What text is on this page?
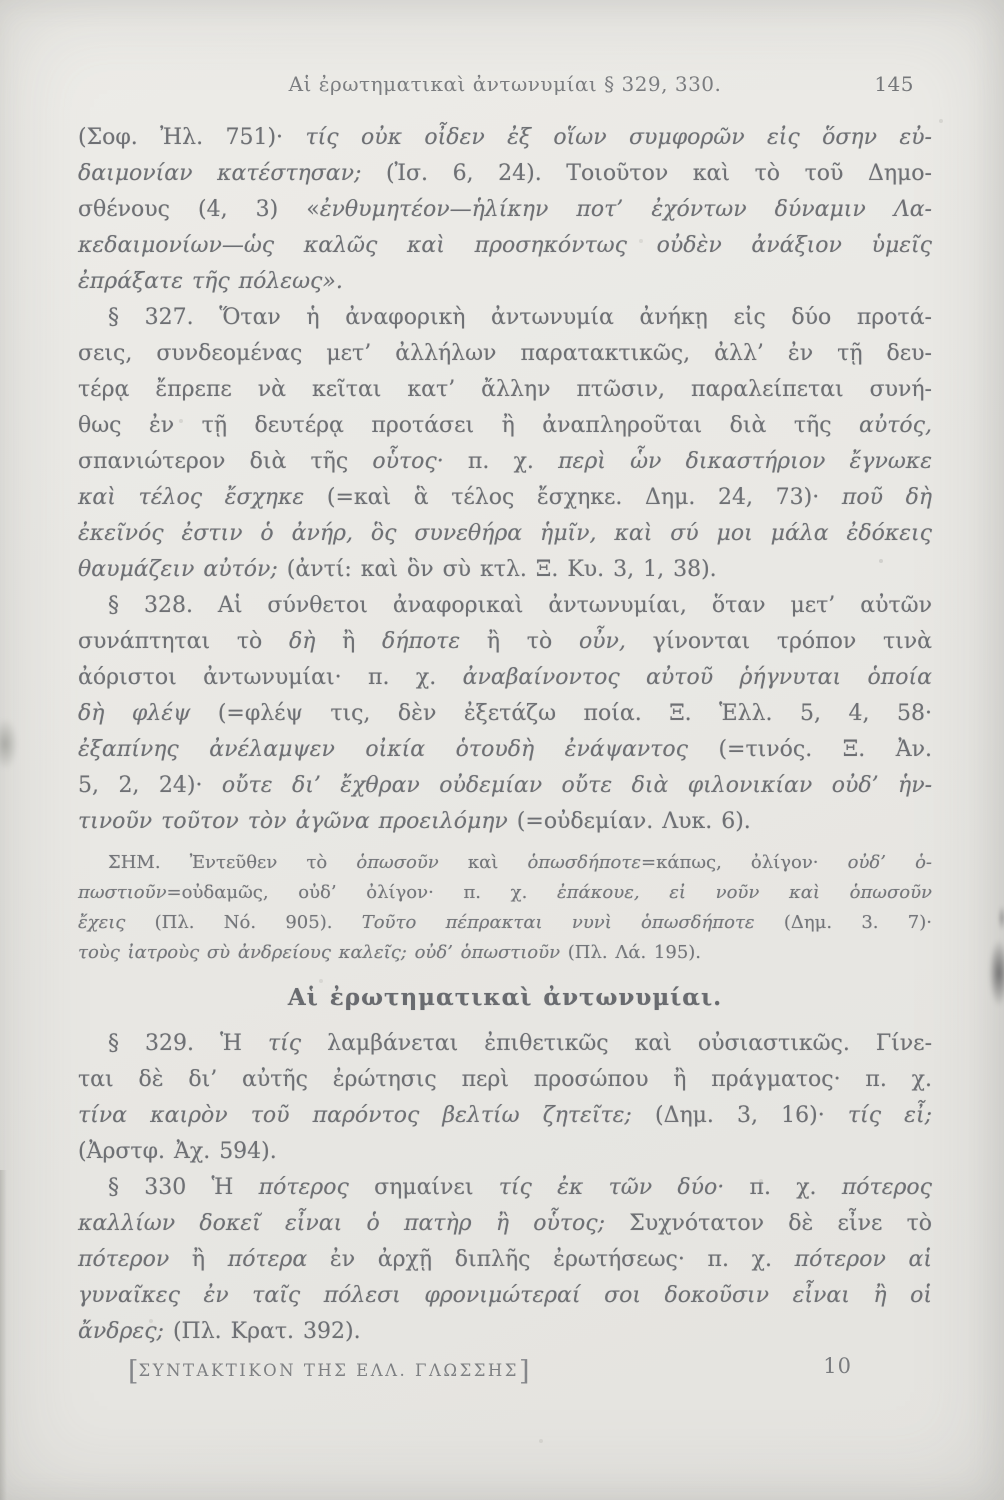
Αἱ ἐρωτηματικαὶ ἀντωνυμίαι § 329, 330.	145
(Σοφ. Ἠλ. 751)· τίς οὐκ οἶδεν ἐξ οἵων συμφορῶν εἰς ὅσην εὐ-
δαιμονίαν κατέστησαν; (Ἰσ. 6, 24). Τοιοῦτον καὶ τὸ τοῦ Δημο-
σθένους (4, 3) «ἐνθυμητέον—ἡλίκην ποτ’ ἐχόντων δύναμιν Λα-
κεδαιμονίων—ὡς καλῶς καὶ προσηκόντως οὐδὲν ἀνάξιον ὑμεῖς
ἐπράξατε τῆς πόλεως».
§ 327. Ὅταν ἡ ἀναφορικὴ ἀντωνυμία ἀνήκῃ εἰς δύο προτά-
σεις, συνδεομένας μετ’ ἀλλήλων παρατακτικῶς, ἀλλ’ ἐν τῇ δευ-
τέρᾳ ἔπρεπε νὰ κεῖται κατ’ ἄλλην πτῶσιν, παραλείπεται συνή-
θως ἐν τῇ δευτέρᾳ προτάσει ἢ ἀναπληροῦται διὰ τῆς αὐτός,
σπανιώτερον διὰ τῆς οὗτος· π. χ. περὶ ὧν δικαστήριον ἔγνωκε
καὶ τέλος ἔσχηκε (=καὶ ἃ τέλος ἔσχηκε. Δημ. 24, 73)· ποῦ δὴ
ἐκεῖνός ἐστιν ὁ ἀνήρ, ὃς συνεθήρα ἡμῖν, καὶ σύ μοι μάλα ἐδόκεις
θαυμάζειν αὐτόν; (ἀντί: καὶ ὃν σὺ κτλ. Ξ. Κυ. 3, 1, 38).
§ 328. Αἱ σύνθετοι ἀναφορικαὶ ἀντωνυμίαι, ὅταν μετ’ αὐτῶν
συνάπτηται τὸ δὴ ἢ δήποτε ἢ τὸ οὖν, γίνονται τρόπον τινὰ
ἀόριστοι ἀντωνυμίαι· π. χ. ἀναβαίνοντος αὐτοῦ ῥήγνυται ὁποία
δὴ φλέψ (=φλέψ τις, δὲν ἐξετάζω ποία. Ξ. Ἑλλ. 5, 4, 58·
ἐξαπίνης ἀνέλαμψεν οἰκία ὁτουδὴ ἐνάψαντος (=τινός. Ξ. Ἀν.
5, 2, 24)· οὔτε δι’ ἔχθραν οὐδεμίαν οὔτε διὰ φιλονικίαν οὐδ’ ἡν-
τινοῦν τοῦτον τὸν ἀγῶνα προειλόμην (=οὐδεμίαν. Λυκ. 6).
ΣΗΜ. Ἐντεῦθεν τὸ ὁπωσοῦν καὶ ὁπωσδήποτε=κάπως, ὀλίγον· οὐδ’ ὁ-
πωστιοῦν=οὐδαμῶς, οὐδ’ ὀλίγον· π. χ. ἐπάκουε, εἰ νοῦν καὶ ὁπωσοῦν
ἔχεις (Πλ. Νό. 905). Τοῦτο πέπρακται νυνὶ ὁπωσδήποτε (Δημ. 3. 7)·
τοὺς ἰατροὺς σὺ ἀνδρείους καλεῖς; οὐδ’ ὁπωστιοῦν (Πλ. Λά. 195).
Αἱ ἐρωτηματικαὶ ἀντωνυμίαι.
§ 329. Ἡ τίς λαμβάνεται ἐπιθετικῶς καὶ οὐσιαστικῶς. Γίνε-
ται δὲ δι’ αὐτῆς ἐρώτησις περὶ προσώπου ἢ πράγματος· π. χ.
τίνα καιρὸν τοῦ παρόντος βελτίω ζητεῖτε; (Δημ. 3, 16)· τίς εἶ;
(Ἀρστφ. Ἀχ. 594).
§ 330 Ἡ πότερος σημαίνει τίς ἐκ τῶν δύο· π. χ. πότερος
καλλίων δοκεῖ εἶναι ὁ πατὴρ ἢ οὗτος; Συχνότατον δὲ εἶνε τὸ
πότερον ἢ πότερα ἐν ἀρχῇ διπλῆς ἐρωτήσεως· π. χ. πότερον αἱ
γυναῖκες ἐν ταῖς πόλεσι φρονιμώτεραί σοι δοκοῦσιν εἶναι ἢ οἱ
ἄνδρες; (Πλ. Κρατ. 392).
[ΣΥΝΤΑΚΤΙΚΟΝ ΤΗΣ ΕΛΛ. ΓΛΩΣΣΗΣ]	10
